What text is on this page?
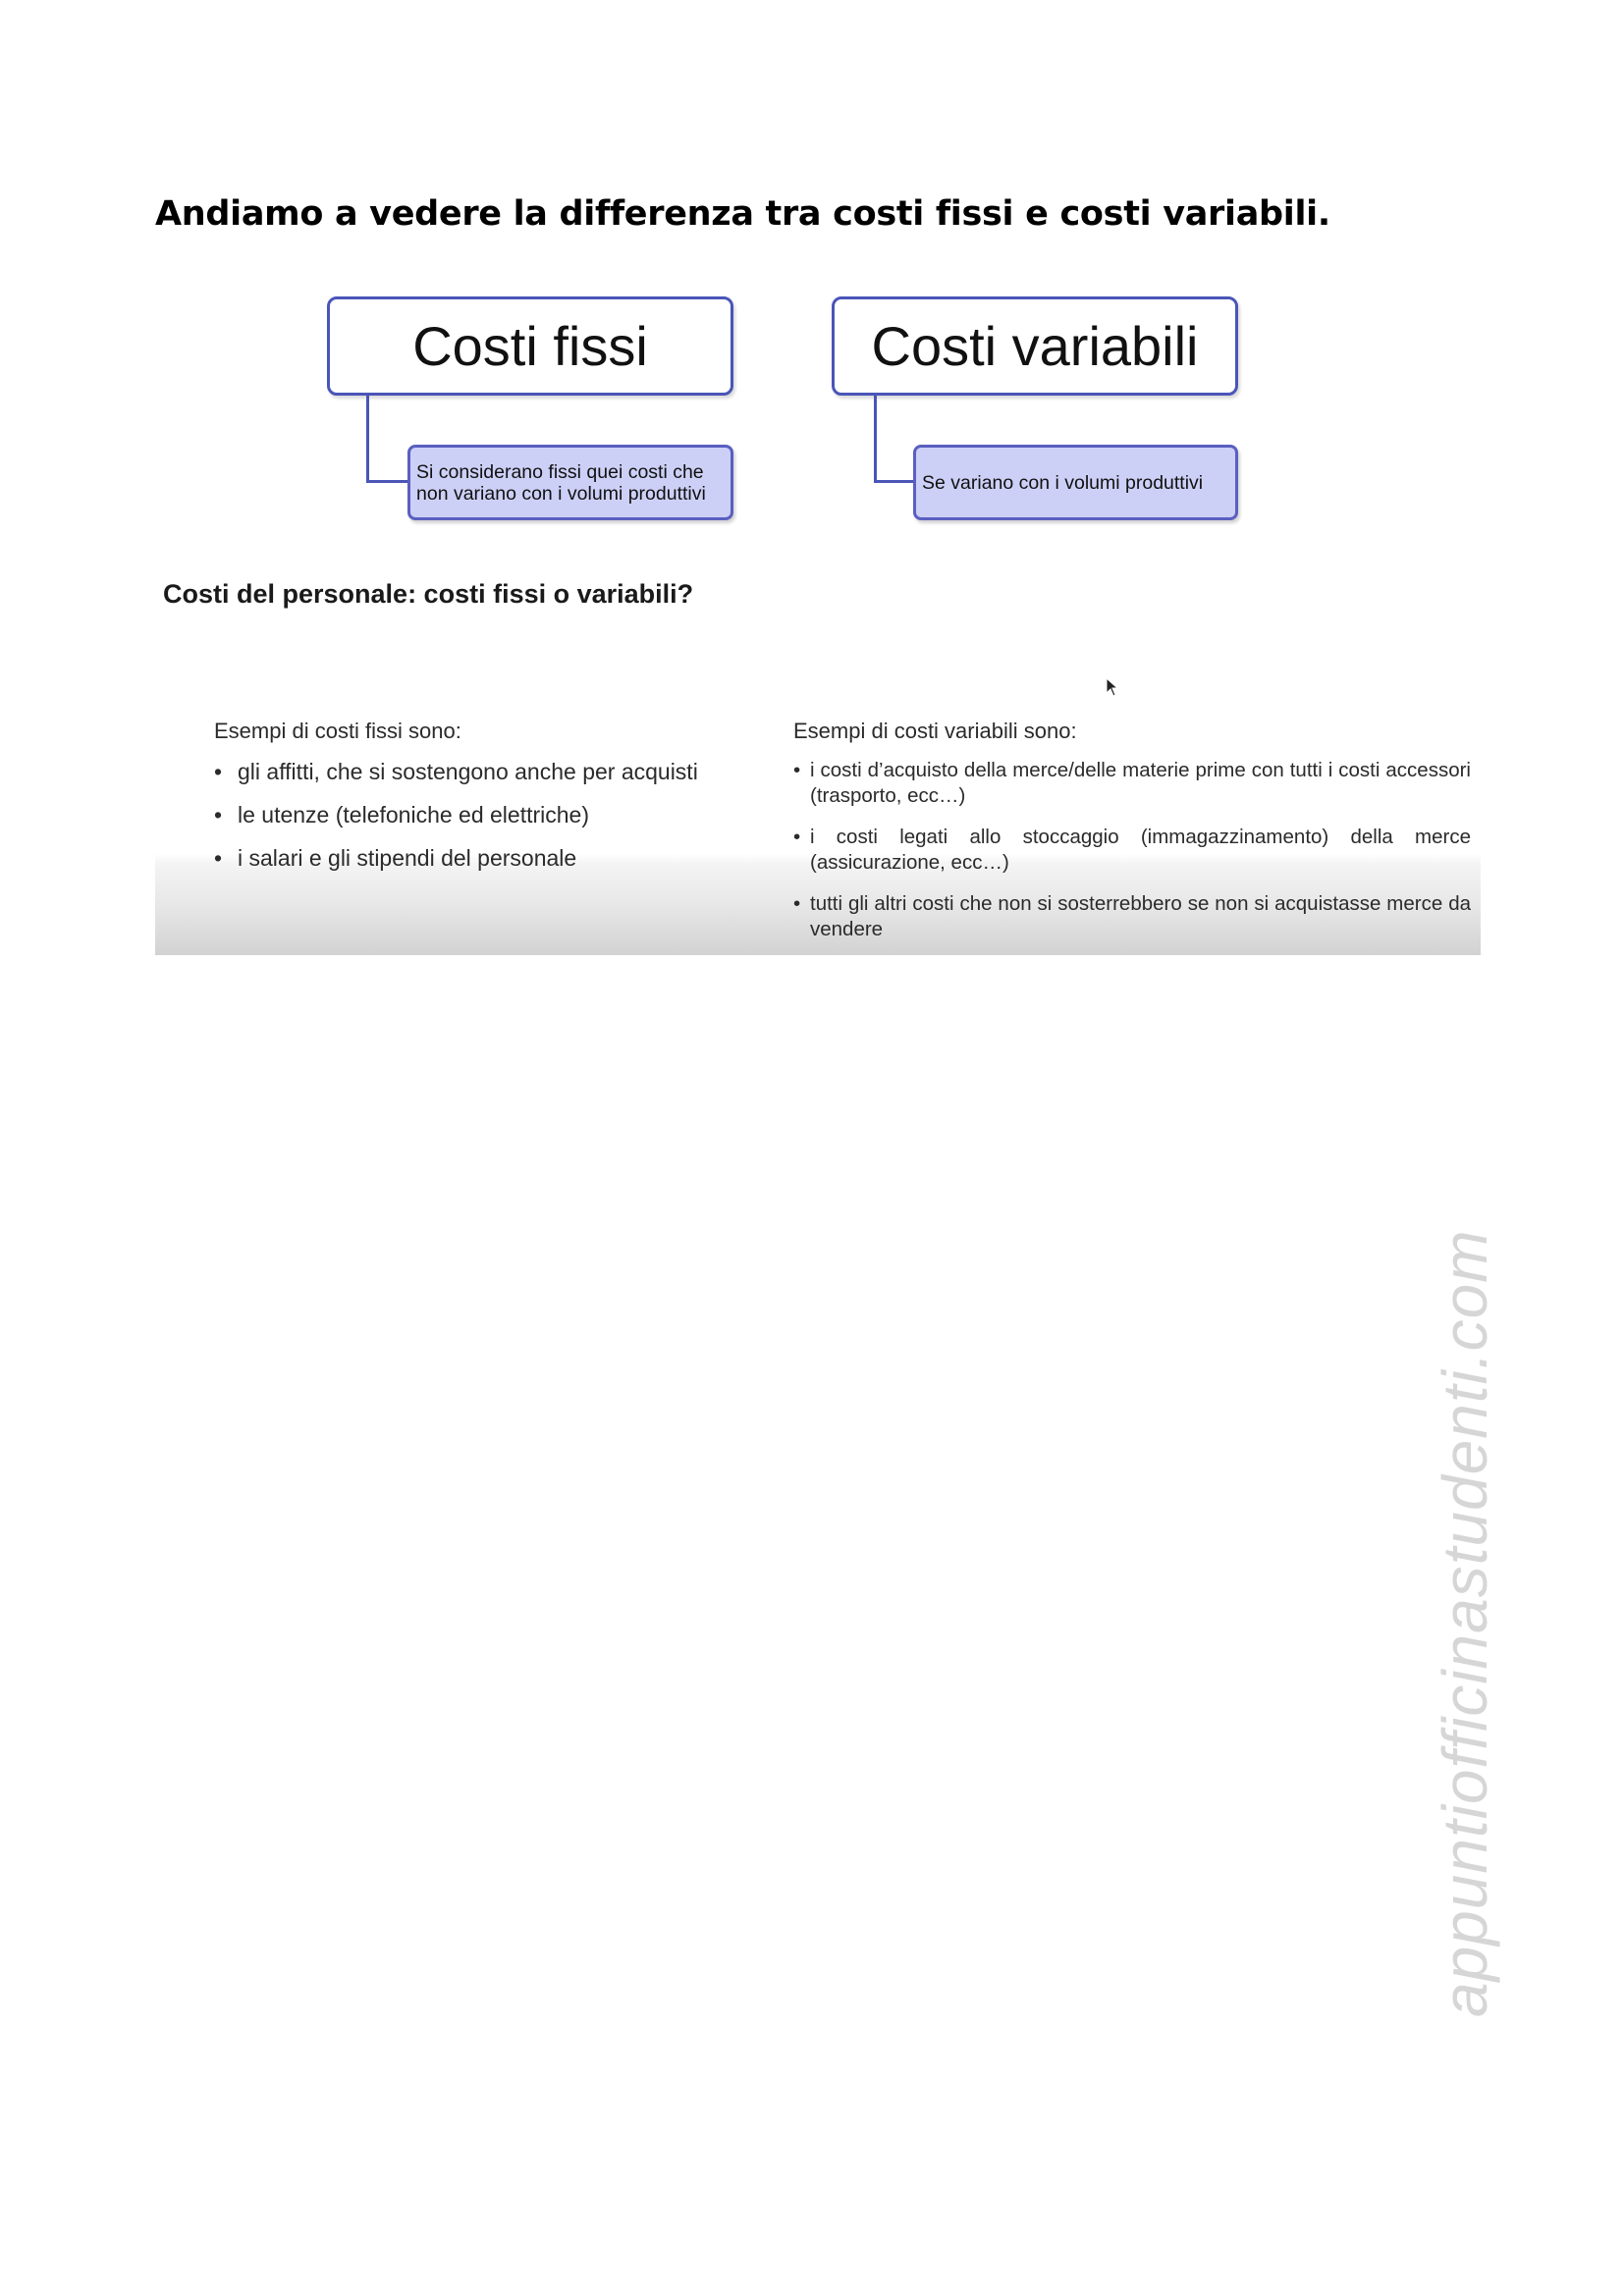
Andiamo a vedere la differenza tra costi fissi e costi variabili.
Costi fissi
Si considerano fissi quei costi che
non variano con i volumi produttivi
Costi variabili
Se variano con i volumi produttivi
Costi del personale: costi fissi o variabili?
Esempi di costi fissi sono:
• gli affitti, che si sostengono anche per acquisti
• le utenze (telefoniche ed elettriche)
• i salari e gli stipendi del personale
Esempi di costi variabili sono:
• i costi d’acquisto della merce/delle materie prime con tutti i costi accessori (trasporto, ecc…)
• i costi legati allo stoccaggio (immagazzinamento) della merce (assicurazione, ecc…)
• tutti gli altri costi che non si sosterrebbero se non si acquistasse merce da vendere
appuntiofficinastudenti.com
